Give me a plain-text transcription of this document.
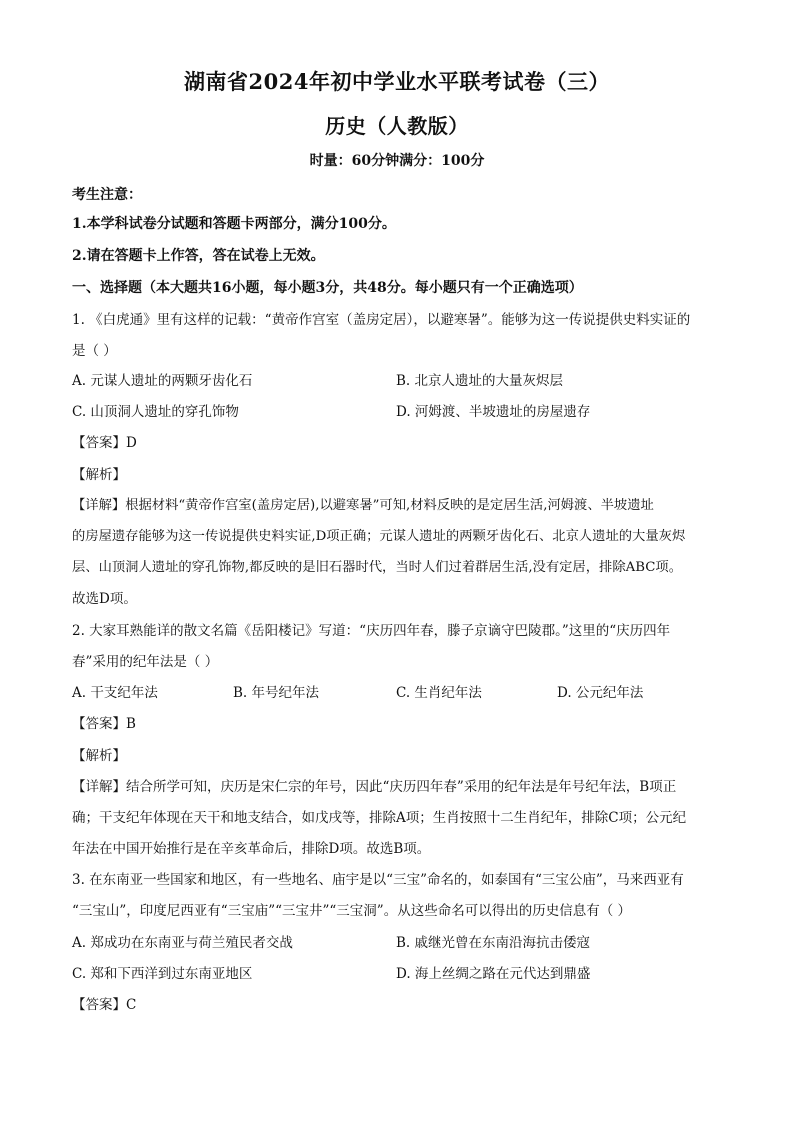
湖南省2024年初中学业水平联考试卷（三）
历史（人教版）
时量：60分钟满分：100分
考生注意：
1.本学科试卷分试题和答题卡两部分，满分100分。
2.请在答题卡上作答，答在试卷上无效。
一、选择题（本大题共16小题，每小题3分，共48分。每小题只有一个正确选项）
1. 《白虎通》里有这样的记载：“黄帝作宫室（盖房定居），以避寒暑”。能够为这一传说提供史料实证的
是（ ）
A. 元谋人遗址的两颗牙齿化石	B. 北京人遗址的大量灰烬层
C. 山顶洞人遗址的穿孔饰物	D. 河姆渡、半坡遗址的房屋遗存
【答案】D
【解析】
【详解】根据材料“黄帝作宫室(盖房定居),以避寒暑”可知,材料反映的是定居生活,河姆渡、半坡遗址
的房屋遗存能够为这一传说提供史料实证,D项正确；元谋人遗址的两颗牙齿化石、北京人遗址的大量灰烬
层、山顶洞人遗址的穿孔饰物,都反映的是旧石器时代，当时人们过着群居生活,没有定居，排除ABC项。
故选D项。
2. 大家耳熟能详的散文名篇《岳阳楼记》写道：“庆历四年春，滕子京谪守巴陵郡。”这里的“庆历四年
春”采用的纪年法是（ ）
A. 干支纪年法	B. 年号纪年法	C. 生肖纪年法	D. 公元纪年法
【答案】B
【解析】
【详解】结合所学可知，庆历是宋仁宗的年号，因此“庆历四年春”采用的纪年法是年号纪年法，B项正
确；干支纪年体现在天干和地支结合，如戊戌等，排除A项；生肖按照十二生肖纪年，排除C项；公元纪
年法在中国开始推行是在辛亥革命后，排除D项。故选B项。
3. 在东南亚一些国家和地区，有一些地名、庙宇是以“三宝”命名的，如泰国有“三宝公庙”，马来西亚有
“三宝山”，印度尼西亚有“三宝庙”“三宝井”“三宝洞”。从这些命名可以得出的历史信息有（ ）
A. 郑成功在东南亚与荷兰殖民者交战	B. 戚继光曾在东南沿海抗击倭寇
C. 郑和下西洋到过东南亚地区	D. 海上丝绸之路在元代达到鼎盛
【答案】C
